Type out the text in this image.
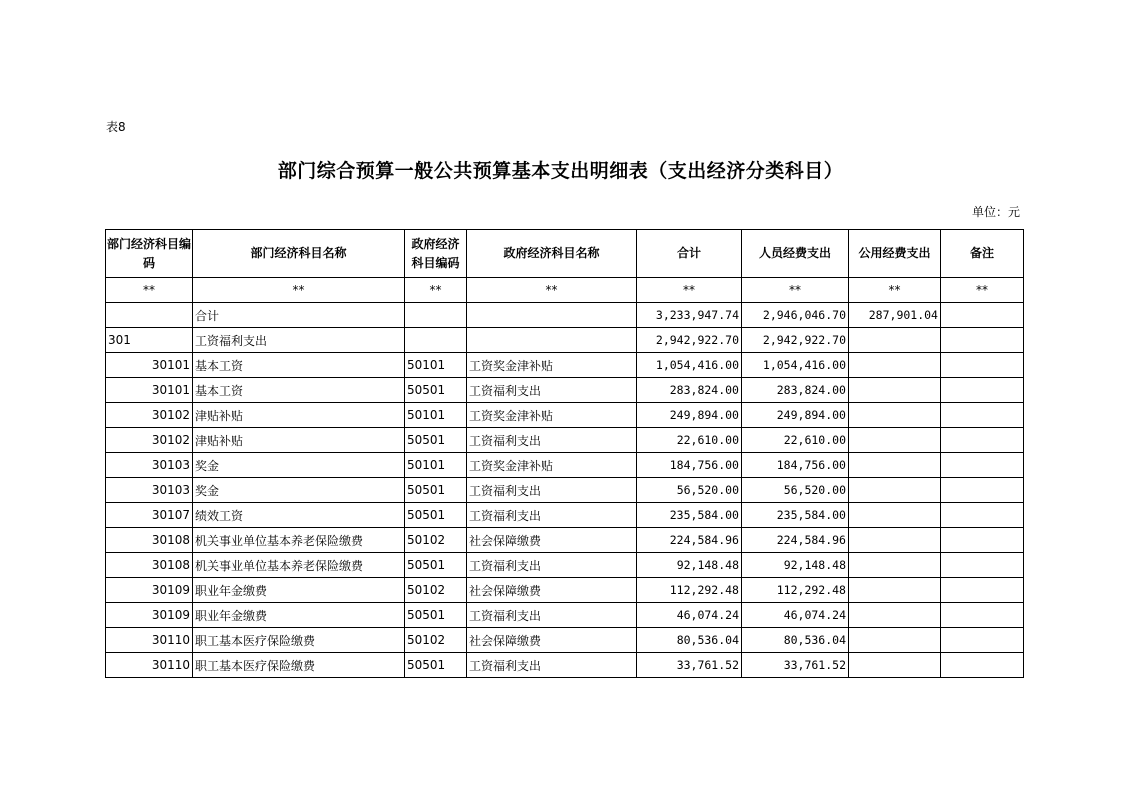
表8
部门综合预算一般公共预算基本支出明细表（支出经济分类科目）
单位：元
部门经济科目编码	部门经济科目名称	政府经济科目编码	政府经济科目名称	合计	人员经费支出	公用经费支出	备注
**	**	**	**	**	**	**	**
	合计			3,233,947.74	2,946,046.70	287,901.04	
301	工资福利支出			2,942,922.70	2,942,922.70		
30101	基本工资	50101	工资奖金津补贴	1,054,416.00	1,054,416.00		
30101	基本工资	50501	工资福利支出	283,824.00	283,824.00		
30102	津贴补贴	50101	工资奖金津补贴	249,894.00	249,894.00		
30102	津贴补贴	50501	工资福利支出	22,610.00	22,610.00		
30103	奖金	50101	工资奖金津补贴	184,756.00	184,756.00		
30103	奖金	50501	工资福利支出	56,520.00	56,520.00		
30107	绩效工资	50501	工资福利支出	235,584.00	235,584.00		
30108	机关事业单位基本养老保险缴费	50102	社会保障缴费	224,584.96	224,584.96		
30108	机关事业单位基本养老保险缴费	50501	工资福利支出	92,148.48	92,148.48		
30109	职业年金缴费	50102	社会保障缴费	112,292.48	112,292.48		
30109	职业年金缴费	50501	工资福利支出	46,074.24	46,074.24		
30110	职工基本医疗保险缴费	50102	社会保障缴费	80,536.04	80,536.04		
30110	职工基本医疗保险缴费	50501	工资福利支出	33,761.52	33,761.52		
